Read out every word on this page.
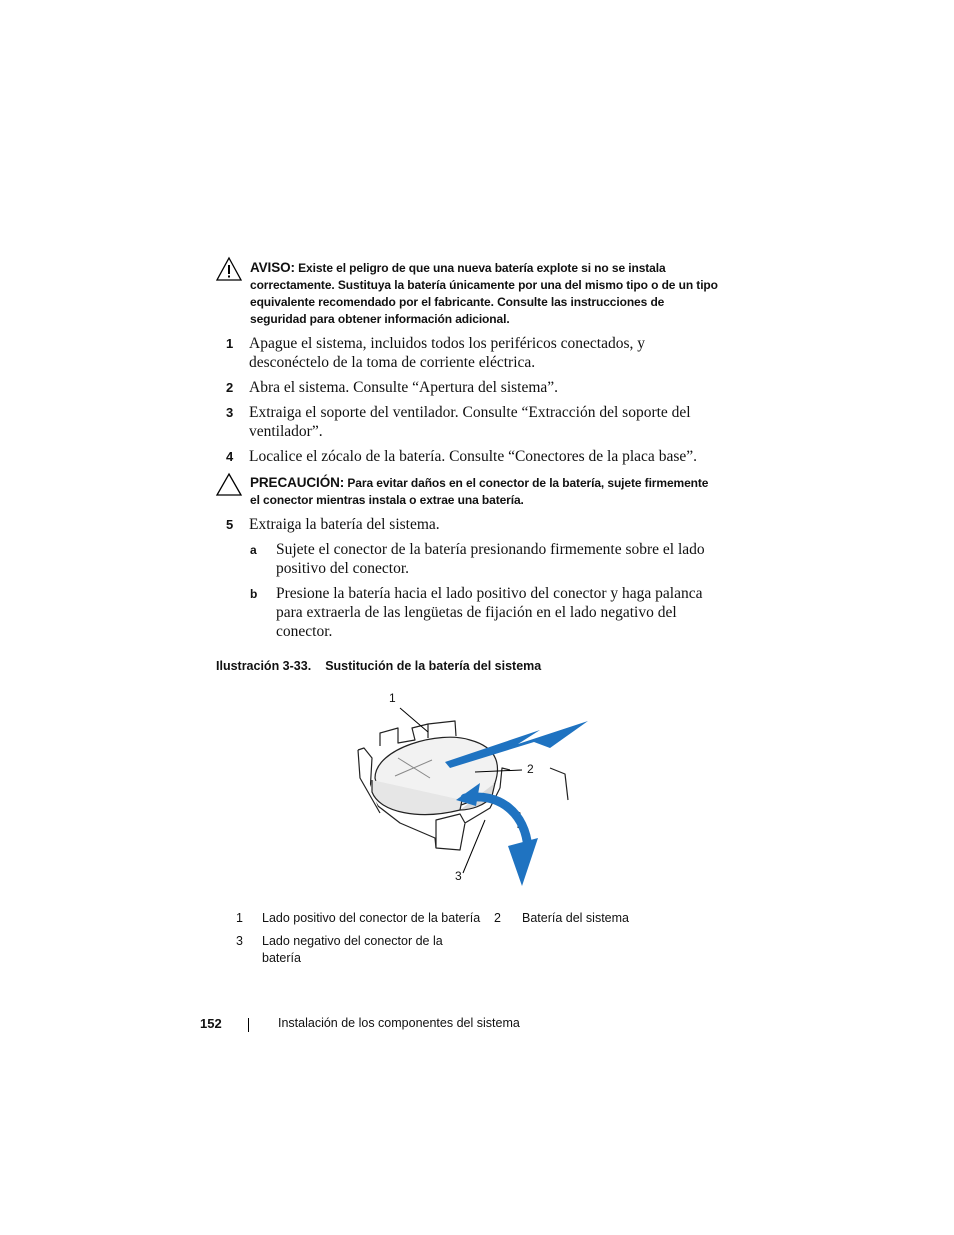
AVISO: Existe el peligro de que una nueva batería explote si no se instala correctamente. Sustituya la batería únicamente por una del mismo tipo o de un tipo equivalente recomendado por el fabricante. Consulte las instrucciones de seguridad para obtener información adicional.
1 Apague el sistema, incluidos todos los periféricos conectados, y desconéctelo de la toma de corriente eléctrica.
2 Abra el sistema. Consulte “Apertura del sistema”.
3 Extraiga el soporte del ventilador. Consulte “Extracción del soporte del ventilador”.
4 Localice el zócalo de la batería. Consulte “Conectores de la placa base”.
PRECAUCIÓN: Para evitar daños en el conector de la batería, sujete firmemente el conector mientras instala o extrae una batería.
5 Extraiga la batería del sistema.
a Sujete el conector de la batería presionando firmemente sobre el lado positivo del conector.
b Presione la batería hacia el lado positivo del conector y haga palanca para extraerla de las lengüetas de fijación en el lado negativo del conector.
Ilustración 3-33. Sustitución de la batería del sistema
1
2
3
1 Lado positivo del conector de la batería 2 Batería del sistema
3 Lado negativo del conector de la batería
152	Instalación de los componentes del sistema
